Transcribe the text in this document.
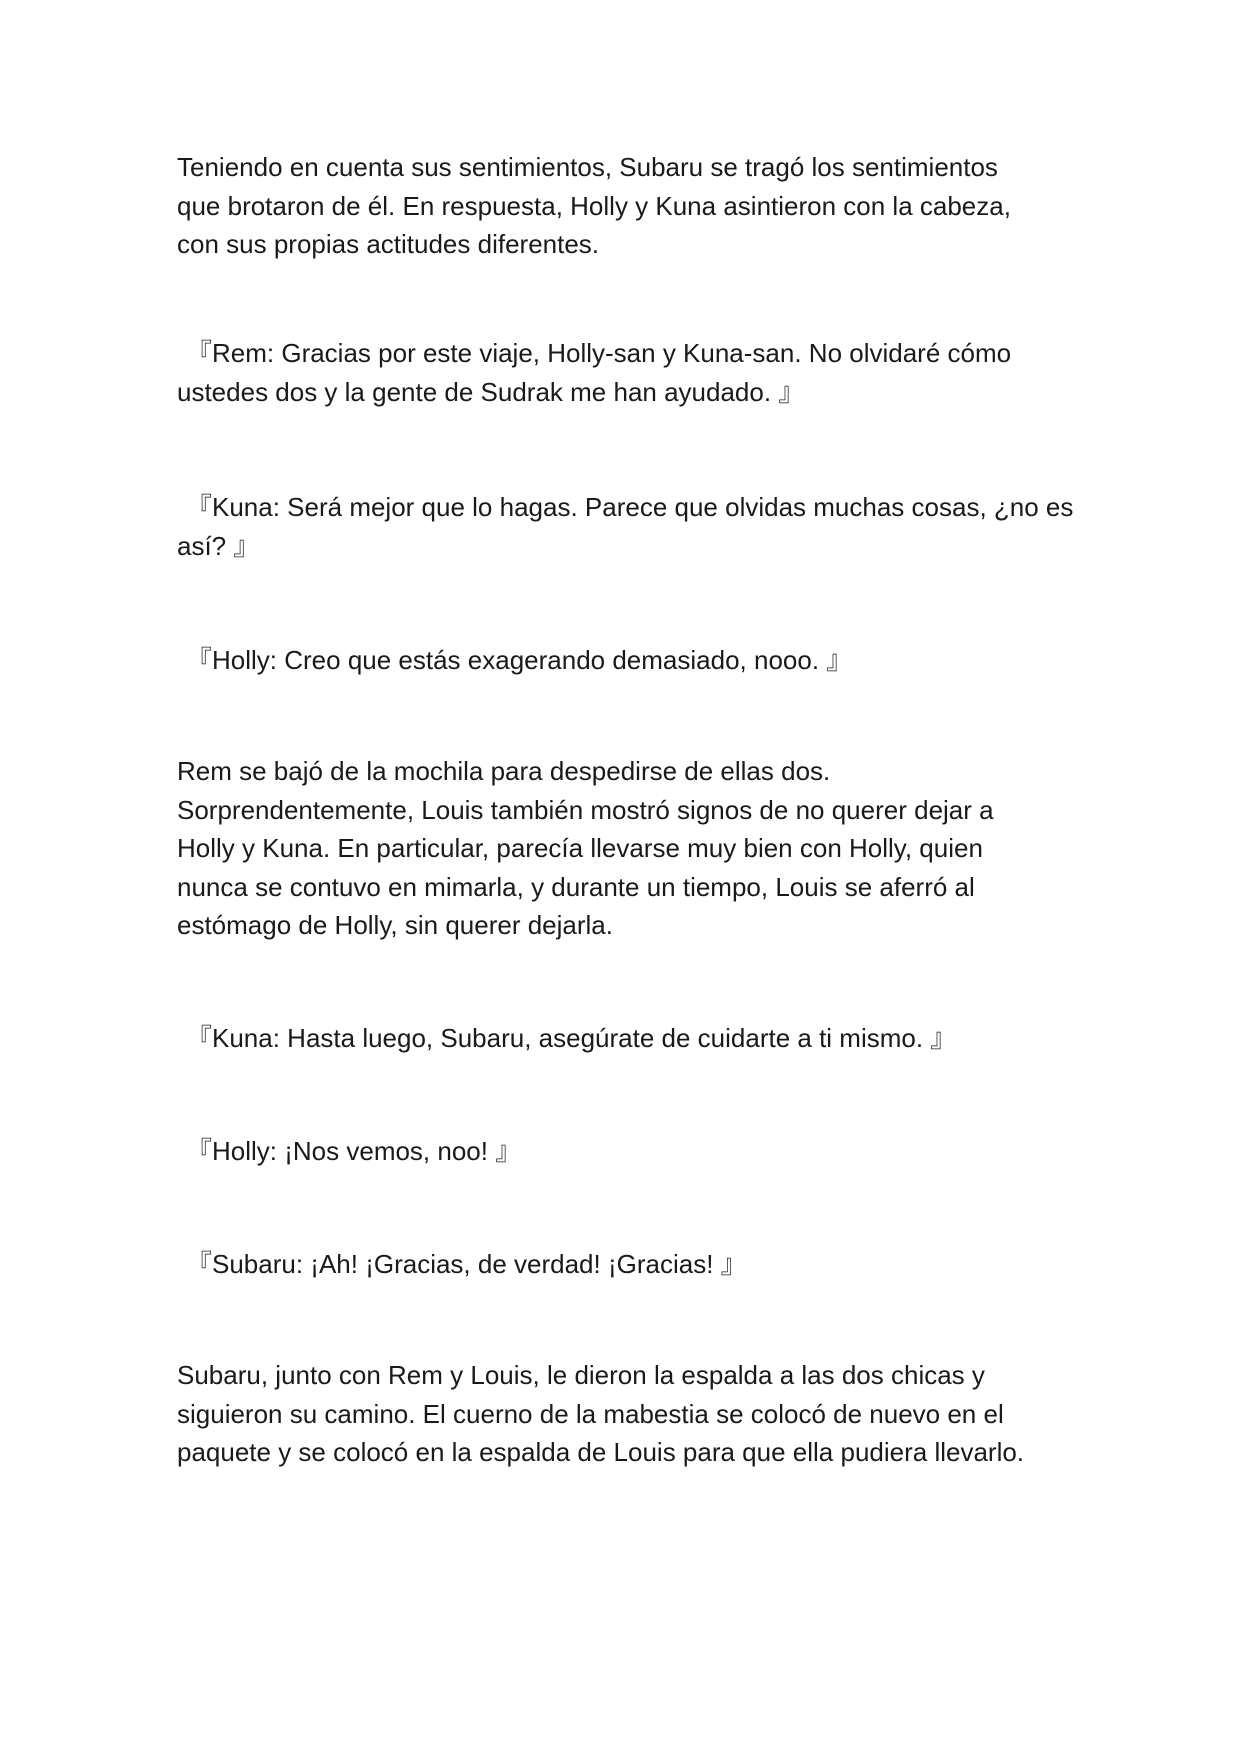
Teniendo en cuenta sus sentimientos, Subaru se tragó los sentimientos
que brotaron de él. En respuesta, Holly y Kuna asintieron con la cabeza,
con sus propias actitudes diferentes.

『Rem: Gracias por este viaje, Holly-san y Kuna-san. No olvidaré cómo
ustedes dos y la gente de Sudrak me han ayudado. 』

『Kuna: Será mejor que lo hagas. Parece que olvidas muchas cosas, ¿no es
así? 』

『Holly: Creo que estás exagerando demasiado, nooo. 』

Rem se bajó de la mochila para despedirse de ellas dos.
Sorprendentemente, Louis también mostró signos de no querer dejar a
Holly y Kuna. En particular, parecía llevarse muy bien con Holly, quien
nunca se contuvo en mimarla, y durante un tiempo, Louis se aferró al
estómago de Holly, sin querer dejarla.

『Kuna: Hasta luego, Subaru, asegúrate de cuidarte a ti mismo. 』

『Holly: ¡Nos vemos, noo! 』

『Subaru: ¡Ah! ¡Gracias, de verdad! ¡Gracias! 』

Subaru, junto con Rem y Louis, le dieron la espalda a las dos chicas y
siguieron su camino. El cuerno de la mabestia se colocó de nuevo en el
paquete y se colocó en la espalda de Louis para que ella pudiera llevarlo.
